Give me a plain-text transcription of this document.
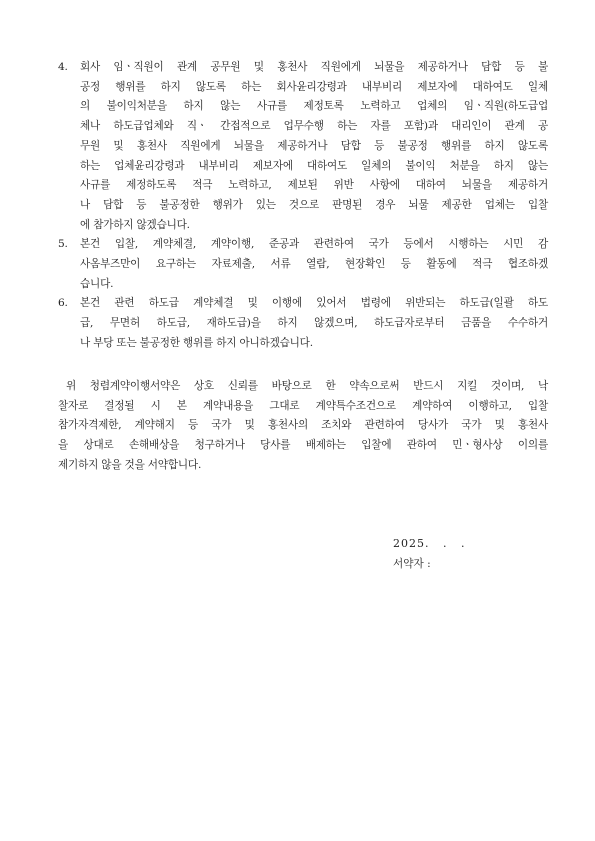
4.	회사 임ㆍ직원이 관계 공무원 및 홍천사 직원에게 뇌물을 제공하거나 담합 등 불
공정 행위를 하지 않도록 하는 회사윤리강령과 내부비리 제보자에 대하여도 일체
의 불이익처분을 하지 않는 사규를 제정토록 노력하고 업체의 임ㆍ직원(하도급업
체나 하도급업체와 직ㆍ 간접적으로 업무수행 하는 자를 포함)과 대리인이 관계 공
무원 및 홍천사 직원에게 뇌물을 제공하거나 담합 등 불공정 행위를 하지 않도록
하는 업체윤리강령과 내부비리 제보자에 대하여도 일체의 불이익 처분을 하지 않는
사규를 제정하도록 적극 노력하고, 제보된 위반 사항에 대하여 뇌물을 제공하거
나 담합 등 불공정한 행위가 있는 것으로 판명된 경우 뇌물 제공한 업체는 입찰
에 참가하지 않겠습니다.
5.	본건 입찰, 계약체결, 계약이행, 준공과 관련하여 국가 등에서 시행하는 시민 감
사옴부즈만이 요구하는 자료제출, 서류 열람, 현장확인 등 활동에 적극 협조하겠
습니다.
6.	본건 관련 하도급 계약체결 및 이행에 있어서 법령에 위반되는 하도급(일괄 하도
급, 무면허 하도급, 재하도급)을 하지 않겠으며, 하도급자로부터 금품을 수수하거
나 부당 또는 불공정한 행위를 하지 아니하겠습니다.
위 청렴계약이행서약은 상호 신뢰를 바탕으로 한 약속으로써 반드시 지킬 것이며, 낙
찰자로 결정될 시 본 계약내용을 그대로 계약특수조건으로 계약하여 이행하고, 입찰
참가자격제한, 계약해지 등 국가 및 홍천사의 조치와 관련하여 당사가 국가 및 홍천사
을 상대로 손해배상을 청구하거나 당사를 배제하는 입찰에 관하여 민ㆍ형사상 이의를
제기하지 않을 것을 서약합니다.
2025.   .   .
서약자 :
